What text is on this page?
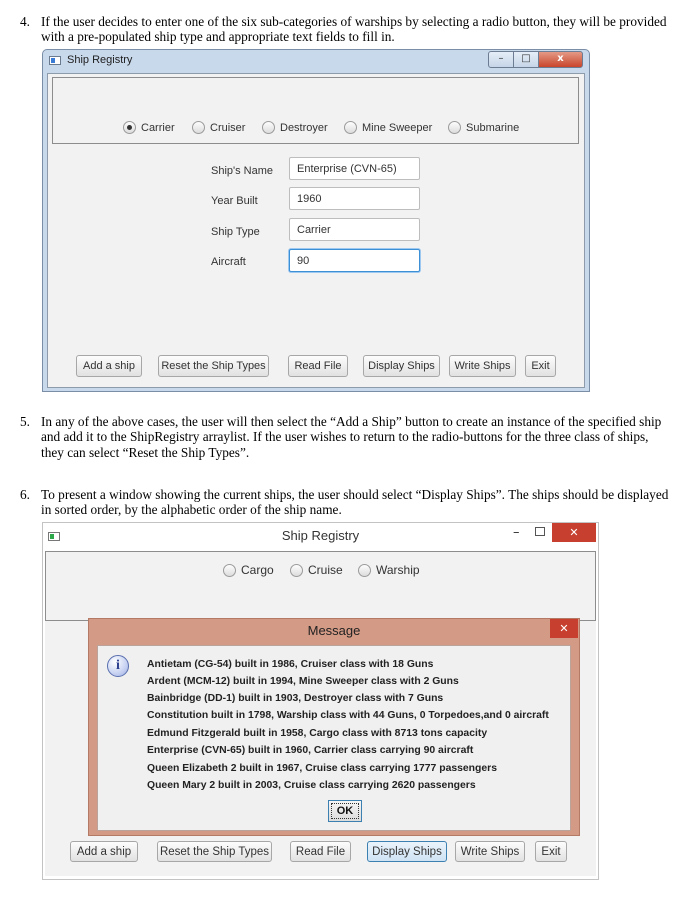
4. If the user decides to enter one of the six sub-categories of warships by selecting a radio button, they will be provided with a pre-populated ship type and appropriate text fields to fill in.
Ship Registry	–	□	x
Carrier	Cruiser	Destroyer	Mine Sweeper	Submarine
Ship's Name	Enterprise (CVN-65)
Year Built	1960
Ship Type	Carrier
Aircraft	90
Add a ship	Reset the Ship Types	Read File	Display Ships	Write Ships	Exit
5. In any of the above cases, the user will then select the “Add a Ship” button to create an instance of the specified ship and add it to the ShipRegistry arraylist. If the user wishes to return to the radio-buttons for the three class of ships, they can select “Reset the Ship Types”.
6. To present a window showing the current ships, the user should select “Display Ships”. The ships should be displayed in sorted order, by the alphabetic order of the ship name.
Ship Registry	–	✕
Cargo	Cruise	Warship
Add a ship	Reset the Ship Types	Read File	Display Ships	Write Ships	Exit
Message	✕
i	Antietam (CG-54) built in 1986, Cruiser class with 18 Guns
Ardent (MCM-12) built in 1994, Mine Sweeper class with 2 Guns
Bainbridge (DD-1) built in 1903, Destroyer class with 7 Guns
Constitution built in 1798, Warship class with 44 Guns, 0 Torpedoes,and 0 aircraft
Edmund Fitzgerald built in 1958, Cargo class with 8713 tons capacity
Enterprise (CVN-65) built in 1960, Carrier class carrying 90 aircraft
Queen Elizabeth 2 built in 1967, Cruise class carrying 1777 passengers
Queen Mary 2 built in 2003, Cruise class carrying 2620 passengers
OK
